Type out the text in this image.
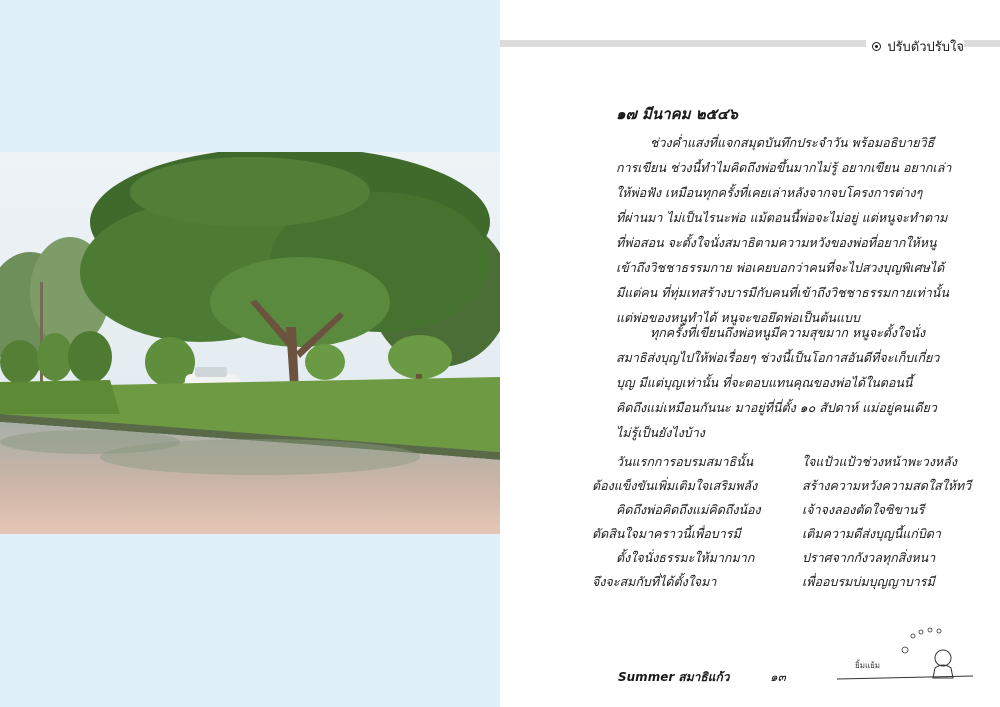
ปรับตัวปรับใจ
๑๗ มีนาคม ๒๕๔๖
ช่วงค่ำแสงที่แจกสมุดบันทึกประจำวัน พร้อมอธิบายวิธี
การเขียน ช่วงนี้ทำไมคิดถึงพ่อขึ้นมากไม่รู้ อยากเขียน อยากเล่า
ให้พ่อฟัง เหมือนทุกครั้งที่เคยเล่าหลังจากจบโครงการต่างๆ
ที่ผ่านมา ไม่เป็นไรนะพ่อ แม้ตอนนี้พ่อจะไม่อยู่ แต่หนูจะทำตาม
ที่พ่อสอน จะตั้งใจนั่งสมาธิตามความหวังของพ่อที่อยากให้หนู
เข้าถึงวิชชาธรรมกาย พ่อเคยบอกว่าคนที่จะไปสวงบุญพิเศษได้
มีแต่คน ที่ทุ่มเทสร้างบารมีกับคนที่เข้าถึงวิชชาธรรมกายเท่านั้น
แต่พ่อของหนูทำได้ หนูจะขอยึดพ่อเป็นต้นแบบ
ทุกครั้งที่เขียนถึงพ่อหนูมีความสุขมาก หนูจะตั้งใจนั่ง
สมาธิส่งบุญไปให้พ่อเรื่อยๆ ช่วงนี้เป็นโอกาสอันดีที่จะเก็บเกี่ยว
บุญ มีแต่บุญเท่านั้น ที่จะตอบแทนคุณของพ่อได้ในตอนนี้
คิดถึงแม่เหมือนกันนะ มาอยู่ที่นี่ตั้ง ๑๐ สัปดาห์ แม่อยู่คนเดียว
ไม่รู้เป็นยังไงบ้าง
วันแรกการอบรมสมาธินั้น
ต้องแข็งขันเพิ่มเติมใจเสริมพลัง
คิดถึงพ่อคิดถึงแม่คิดถึงน้อง
ตัดสินใจมาคราวนี้เพื่อบารมี
ตั้งใจนั่งธรรมะให้มากมาก
จึงจะสมกับที่ได้ตั้งใจมา
ใจแป้วแป้วช่วงหน้าพะวงหลัง
สร้างความหวังความสดใสให้ทวี
เจ้าจงลองตัดใจซิขานรี
เติมความดีส่งบุญนี้แก่บิดา
ปราศจากกังวลทุกสิ่งหนา
เพื่ออบรมบ่มบุญญาบารมี
Summer สมาธิแก้ว	๑๓
ยิ้มแย้ม
